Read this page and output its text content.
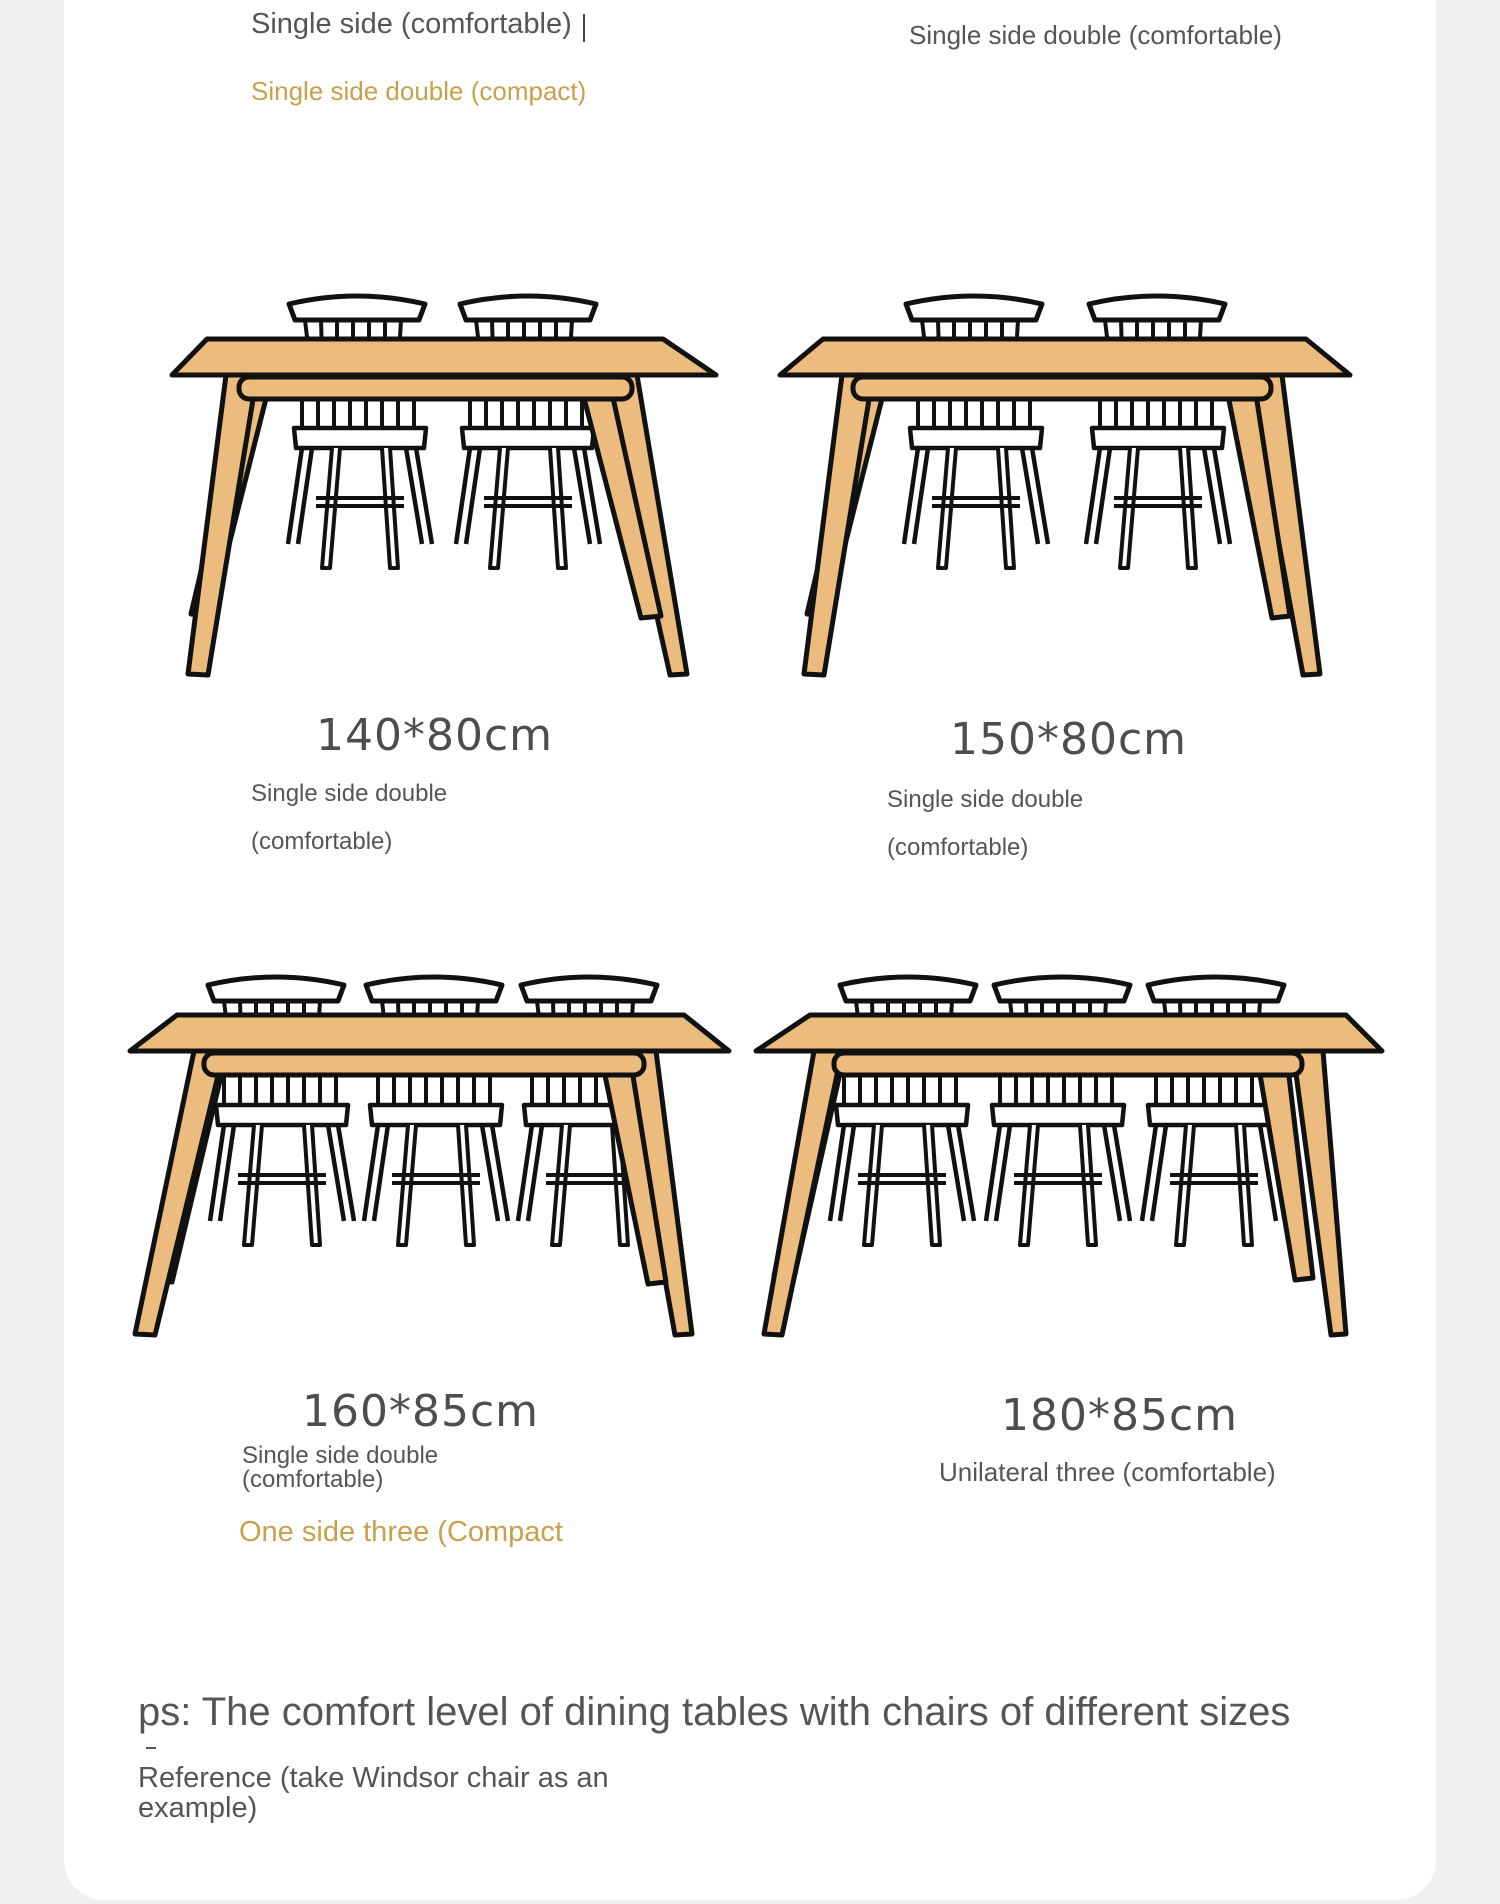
Single side (comfortable)
Single side double (compact)
Single side double (comfortable)
140*80cm
Single side double
(comfortable)
150*80cm
Single side double
(comfortable)
160*85cm
Single side double
(comfortable)
One side three (Compact
180*85cm
Unilateral three (comfortable)
ps: The comfort level of dining tables with chairs of different sizes
Reference (take Windsor chair as an
example)
